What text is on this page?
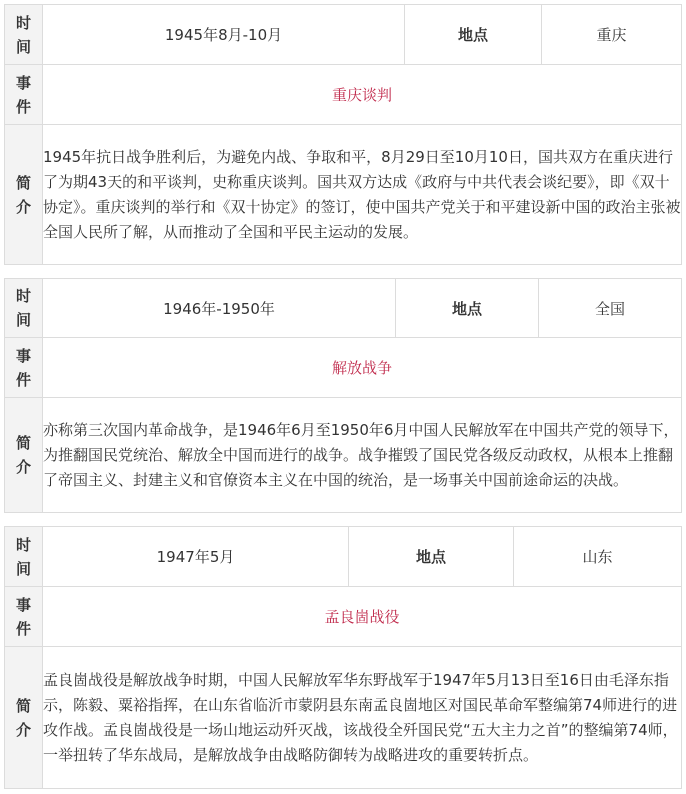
时
间	1945年8月-10月	地点	重庆

事
件	重庆谈判		

简
介	1945年抗日战争胜利后，为避免内战、争取和平，8月29日至10月10日，国共双方在重庆进行了为期43天的和平谈判，史称重庆谈判。国共双方达成《政府与中共代表会谈纪要》，即《双十协定》。重庆谈判的举行和《双十协定》的签订，使中国共产党关于和平建设新中国的政治主张被全国人民所了解，从而推动了全国和平民主运动的发展。		
时
间	1946年-1950年	地点	全国

事
件	解放战争		

简
介	亦称第三次国内革命战争，是1946年6月至1950年6月中国人民解放军在中国共产党的领导下，为推翻国民党统治、解放全中国而进行的战争。战争摧毁了国民党各级反动政权，从根本上推翻了帝国主义、封建主义和官僚资本主义在中国的统治，是一场事关中国前途命运的决战。		
时
间	1947年5月	地点	山东

事
件	孟良崮战役		

简
介	孟良崮战役是解放战争时期，中国人民解放军华东野战军于1947年5月13日至16日由毛泽东指示，陈毅、粟裕指挥，在山东省临沂市蒙阴县东南孟良崮地区对国民革命军整编第74师进行的进攻作战。孟良崮战役是一场山地运动歼灭战，该战役全歼国民党“五大主力之首”的整编第74师，一举扭转了华东战局，是解放战争由战略防御转为战略进攻的重要转折点。		
